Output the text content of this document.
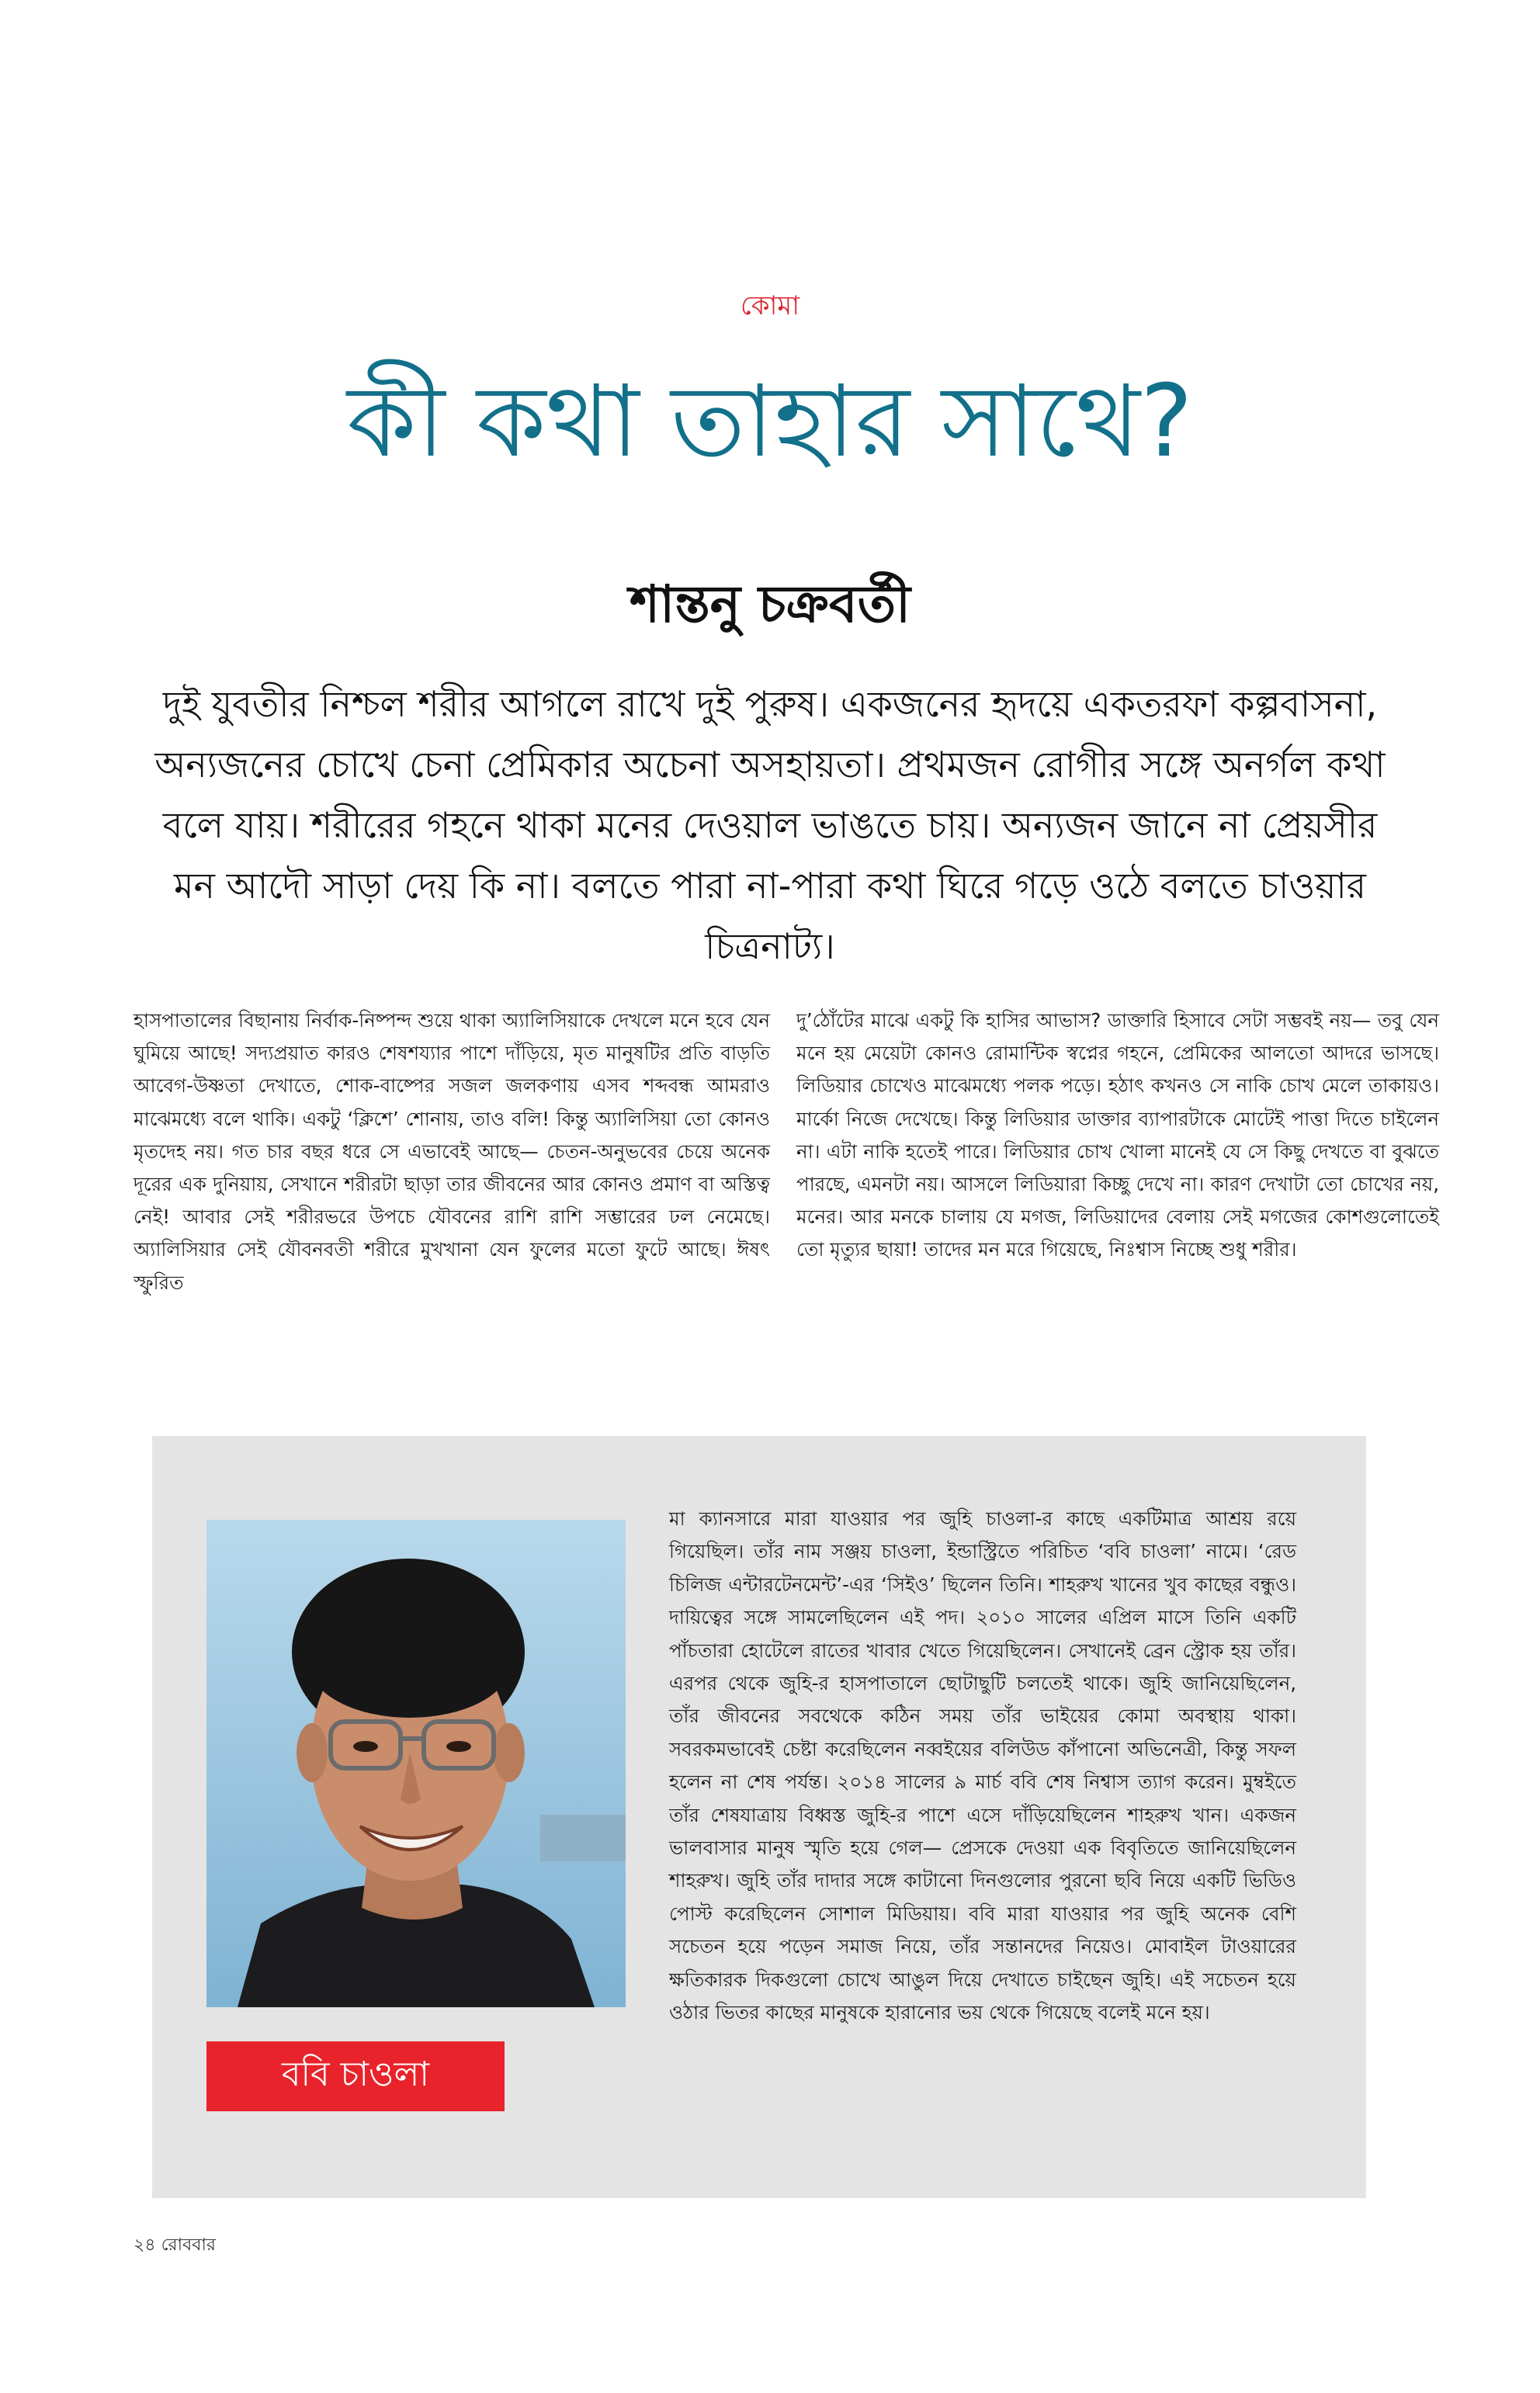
কোমা
কী কথা তাহার সাথে?
শান্তনু চক্রবর্তী
দুই যুবতীর নিশ্চল শরীর আগলে রাখে দুই পুরুষ। একজনের হৃদয়ে একতরফা কল্পবাসনা, অন্যজনের চোখে চেনা প্রেমিকার অচেনা অসহায়তা। প্রথমজন রোগীর সঙ্গে অনর্গল কথা বলে যায়। শরীরের গহনে থাকা মনের দেওয়াল ভাঙতে চায়। অন্যজন জানে না প্রেয়সীর মন আদৌ সাড়া দেয় কি না। বলতে পারা না-পারা কথা ঘিরে গড়ে ওঠে বলতে চাওয়ার চিত্রনাট্য।
হাসপাতালের বিছানায় নির্বাক-নিষ্পন্দ শুয়ে থাকা অ্যালিসিয়াকে দেখলে মনে হবে যেন ঘুমিয়ে আছে! সদ্যপ্রয়াত কারও শেষশয্যার পাশে দাঁড়িয়ে, মৃত মানুষটির প্রতি বাড়তি আবেগ-উষ্ণতা দেখাতে, শোক-বাষ্পের সজল জলকণায় এসব শব্দবন্ধ আমরাও মাঝেমধ্যে বলে থাকি। একটু ‘ক্লিশে’ শোনায়, তাও বলি! কিন্তু অ্যালিসিয়া তো কোনও মৃতদেহ নয়। গত চার বছর ধরে সে এভাবেই আছে— চেতন-অনুভবের চেয়ে অনেক দূরের এক দুনিয়ায়, সেখানে শরীরটা ছাড়া তার জীবনের আর কোনও প্রমাণ বা অস্তিত্ব নেই! আবার সেই শরীরভরে উপচে যৌবনের রাশি রাশি সম্ভারের ঢল নেমেছে। অ্যালিসিয়ার সেই যৌবনবতী শরীরে মুখখানা যেন ফুলের মতো ফুটে আছে। ঈষৎ স্ফুরিত
দু’ঠোঁটের মাঝে একটু কি হাসির আভাস? ডাক্তারি হিসাবে সেটা সম্ভবই নয়— তবু যেন মনে হয় মেয়েটা কোনও রোমান্টিক স্বপ্নের গহনে, প্রেমিকের আলতো আদরে ভাসছে। লিডিয়ার চোখেও মাঝেমধ্যে পলক পড়ে। হঠাৎ কখনও সে নাকি চোখ মেলে তাকায়ও। মার্কো নিজে দেখেছে। কিন্তু লিডিয়ার ডাক্তার ব্যাপারটাকে মোটেই পাত্তা দিতে চাইলেন না। এটা নাকি হতেই পারে। লিডিয়ার চোখ খোলা মানেই যে সে কিছু দেখতে বা বুঝতে পারছে, এমনটা নয়। আসলে লিডিয়ারা কিচ্ছু দেখে না। কারণ দেখাটা তো চোখের নয়, মনের। আর মনকে চালায় যে মগজ, লিডিয়াদের বেলায় সেই মগজের কোশগুলোতেই তো মৃত্যুর ছায়া! তাদের মন মরে গিয়েছে, নিঃশ্বাস নিচ্ছে শুধু শরীর।
ববি চাওলা
মা ক্যানসারে মারা যাওয়ার পর জুহি চাওলা-র কাছে একটিমাত্র আশ্রয় রয়ে গিয়েছিল। তাঁর নাম সঞ্জয় চাওলা, ইন্ডাস্ট্রিতে পরিচিত ‘ববি চাওলা’ নামে। ‘রেড চিলিজ এন্টারটেনমেন্ট’-এর ‘সিইও’ ছিলেন তিনি। শাহরুখ খানের খুব কাছের বন্ধুও। দায়িত্বের সঙ্গে সামলেছিলেন এই পদ। ২০১০ সালের এপ্রিল মাসে তিনি একটি পাঁচতারা হোটেলে রাতের খাবার খেতে গিয়েছিলেন। সেখানেই ব্রেন স্ট্রোক হয় তাঁর। এরপর থেকে জুহি-র হাসপাতালে ছোটাছুটি চলতেই থাকে। জুহি জানিয়েছিলেন, তাঁর জীবনের সবথেকে কঠিন সময় তাঁর ভাইয়ের কোমা অবস্থায় থাকা। সবরকমভাবেই চেষ্টা করেছিলেন নব্বইয়ের বলিউড কাঁপানো অভিনেত্রী, কিন্তু সফল হলেন না শেষ পর্যন্ত। ২০১৪ সালের ৯ মার্চ ববি শেষ নিশ্বাস ত্যাগ করেন। মুম্বইতে তাঁর শেষযাত্রায় বিধ্বস্ত জুহি-র পাশে এসে দাঁড়িয়েছিলেন শাহরুখ খান। একজন ভালবাসার মানুষ স্মৃতি হয়ে গেল— প্রেসকে দেওয়া এক বিবৃতিতে জানিয়েছিলেন শাহরুখ। জুহি তাঁর দাদার সঙ্গে কাটানো দিনগুলোর পুরনো ছবি নিয়ে একটি ভিডিও পোস্ট করেছিলেন সোশাল মিডিয়ায়। ববি মারা যাওয়ার পর জুহি অনেক বেশি সচেতন হয়ে পড়েন সমাজ নিয়ে, তাঁর সন্তানদের নিয়েও। মোবাইল টাওয়ারের ক্ষতিকারক দিকগুলো চোখে আঙুল দিয়ে দেখাতে চাইছেন জুহি। এই সচেতন হয়ে ওঠার ভিতর কাছের মানুষকে হারানোর ভয় থেকে গিয়েছে বলেই মনে হয়।
২৪ রোববার
